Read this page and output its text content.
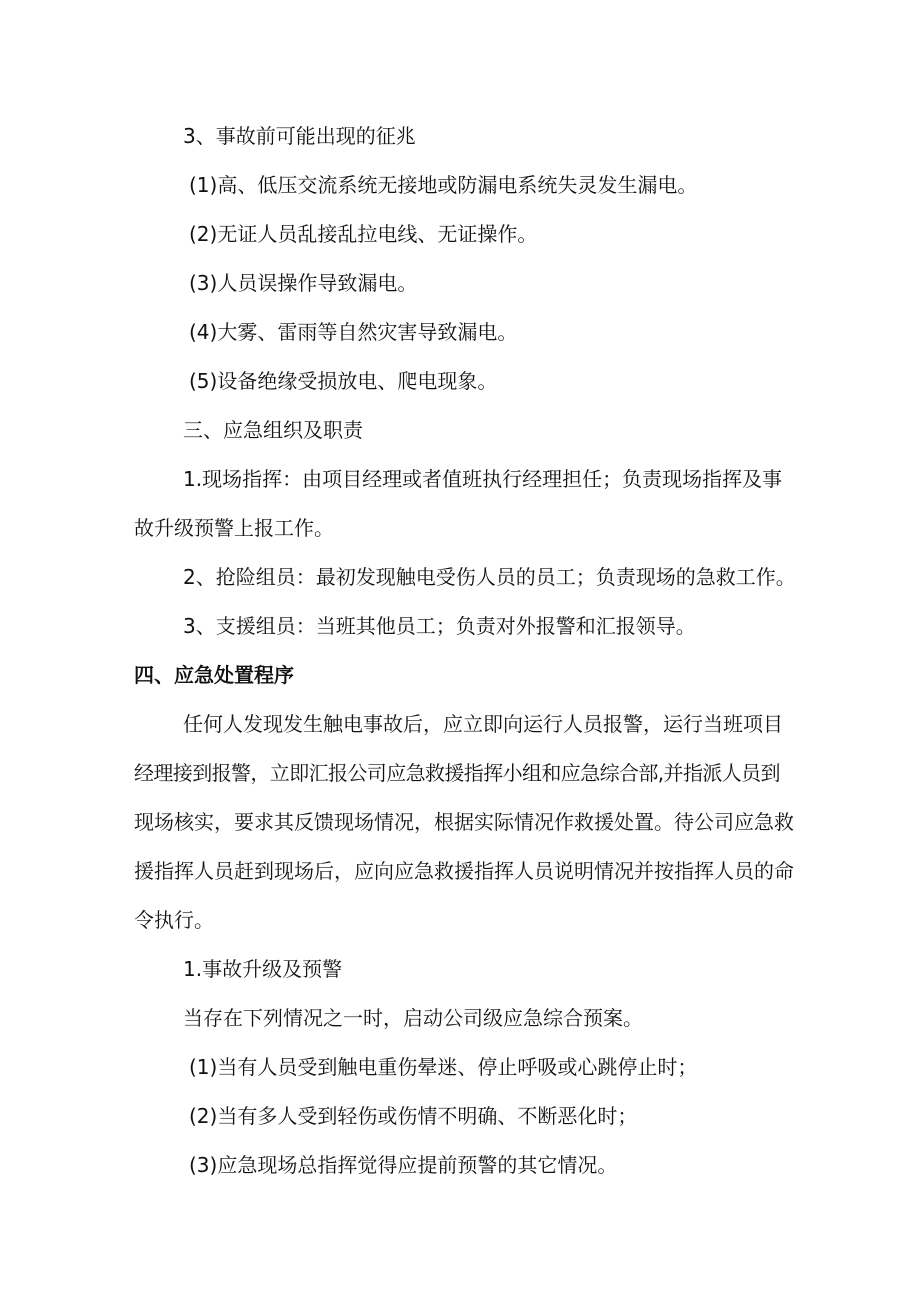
3、事故前可能出现的征兆
(1)高、低压交流系统无接地或防漏电系统失灵发生漏电。
(2)无证人员乱接乱拉电线、无证操作。
(3)人员误操作导致漏电。
(4)大雾、雷雨等自然灾害导致漏电。
(5)设备绝缘受损放电、爬电现象。
三、应急组织及职责
1.现场指挥：由项目经理或者值班执行经理担任；负责现场指挥及事
故升级预警上报工作。
2、抢险组员：最初发现触电受伤人员的员工；负责现场的急救工作。
3、支援组员：当班其他员工；负责对外报警和汇报领导。
四、应急处置程序
任何人发现发生触电事故后，应立即向运行人员报警，运行当班项目
经理接到报警，立即汇报公司应急救援指挥小组和应急综合部,并指派人员到
现场核实，要求其反馈现场情况，根据实际情况作救援处置。待公司应急救
援指挥人员赶到现场后，应向应急救援指挥人员说明情况并按指挥人员的命
令执行。
1.事故升级及预警
当存在下列情况之一时，启动公司级应急综合预案。
(1)当有人员受到触电重伤晕迷、停止呼吸或心跳停止时；
(2)当有多人受到轻伤或伤情不明确、不断恶化时；
(3)应急现场总指挥觉得应提前预警的其它情况。
